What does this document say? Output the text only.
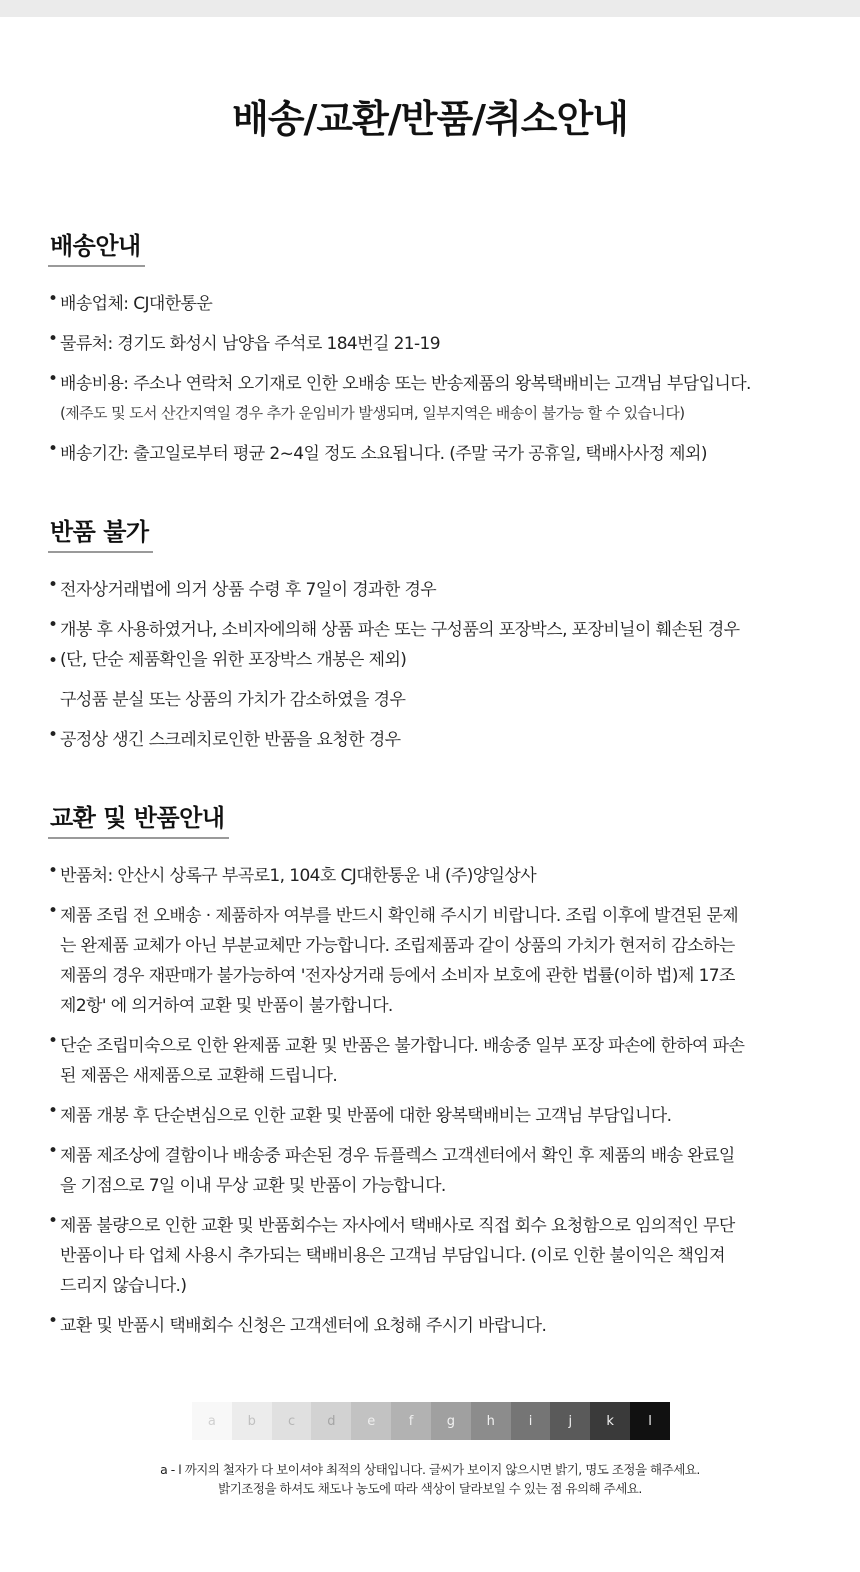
배송/교환/반품/취소안내
배송안내
• 배송업체: CJ대한통운
• 물류처: 경기도 화성시 남양읍 주석로 184번길 21-19
• 배송비용: 주소나 연락처 오기재로 인한 오배송 또는 반송제품의 왕복택배비는 고객님 부담입니다.
(제주도 및 도서 산간지역일 경우 추가 운임비가 발생되며, 일부지역은 배송이 불가능 할 수 있습니다)
• 배송기간: 출고일로부터 평균 2~4일 정도 소요됩니다. (주말 국가 공휴일, 택배사사정 제외)
반품 불가
• 전자상거래법에 의거 상품 수령 후 7일이 경과한 경우
• 개봉 후 사용하였거나, 소비자에의해 상품 파손 또는 구성품의 포장박스, 포장비닐이 훼손된 경우
• (단, 단순 제품확인을 위한 포장박스 개봉은 제외)
구성품 분실 또는 상품의 가치가 감소하였을 경우
• 공정상 생긴 스크레치로인한 반품을 요청한 경우
교환 및 반품안내
• 반품처: 안산시 상록구 부곡로1, 104호 CJ대한통운 내 (주)양일상사
• 제품 조립 전 오배송 · 제품하자 여부를 반드시 확인해 주시기 비랍니다. 조립 이후에 발견된 문제
는 완제품 교체가 아닌 부분교체만 가능합니다. 조립제품과 같이 상품의 가치가 현저히 감소하는
제품의 경우 재판매가 불가능하여 '전자상거래 등에서 소비자 보호에 관한 법률(이하 법)제 17조
제2항' 에 의거하여 교환 및 반품이 불가합니다.
• 단순 조립미숙으로 인한 완제품 교환 및 반품은 불가합니다. 배송중 일부 포장 파손에 한하여 파손
된 제품은 새제품으로 교환해 드립니다.
• 제품 개봉 후 단순변심으로 인한 교환 및 반품에 대한 왕복택배비는 고객님 부담입니다.
• 제품 제조상에 결함이나 배송중 파손된 경우 듀플렉스 고객센터에서 확인 후 제품의 배송 완료일
을 기점으로 7일 이내 무상 교환 및 반품이 가능합니다.
• 제품 불량으로 인한 교환 및 반품회수는 자사에서 택배사로 직접 회수 요청함으로 임의적인 무단
반품이나 타 업체 사용시 추가되는 택배비용은 고객님 부담입니다. (이로 인한 불이익은 책임져
드리지 않습니다.)
• 교환 및 반품시 택배회수 신청은 고객센터에 요청해 주시기 바랍니다.
a	b	c	d	e	f	g	h	i	j	k	l
a - l 까지의 철자가 다 보이셔야 최적의 상태입니다. 글씨가 보이지 않으시면 밝기, 명도 조정을 해주세요.
밝기조정을 하셔도 채도나 농도에 따라 색상이 달라보일 수 있는 점 유의해 주세요.
